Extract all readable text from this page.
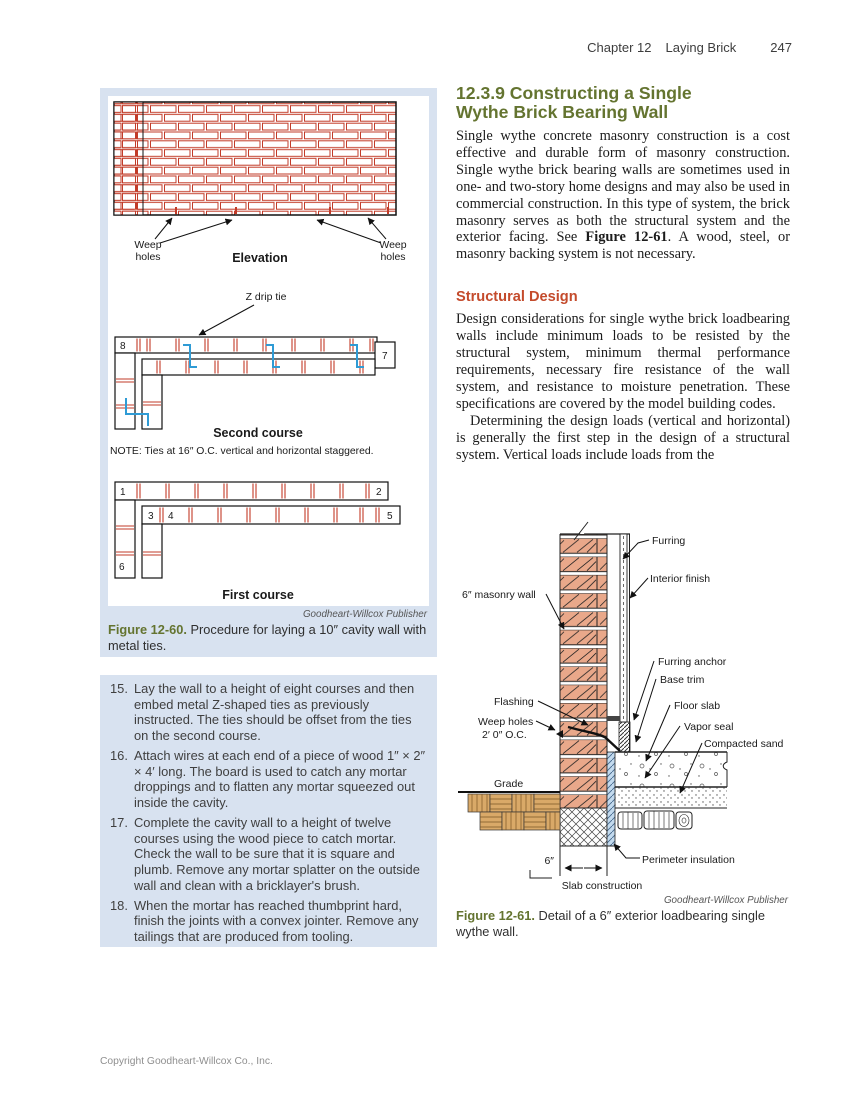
Chapter 12 Laying Brick	247
Weep
holes
Weep
holes
Elevation
Z drip tie
8
7
Second course
NOTE: Ties at 16″ O.C. vertical and horizontal staggered.
1	2
3 4	5
6
First course
Goodheart-Willcox Publisher
Figure 12-60. Procedure for laying a 10″ cavity wall with metal ties.
15. Lay the wall to a height of eight courses and then embed metal Z-shaped ties as previously instructed. The ties should be offset from the ties on the second course.
16. Attach wires at each end of a piece of wood 1″ × 2″ × 4′ long. The board is used to catch any mortar droppings and to flatten any mortar squeezed out inside the cavity.
17. Complete the cavity wall to a height of twelve courses using the wood piece to catch mortar. Check the wall to be sure that it is square and plumb. Remove any mortar splatter on the outside wall and clean with a bricklayer's brush.
18. When the mortar has reached thumbprint hard, finish the joints with a convex jointer. Remove any tailings that are produced from tooling.
12.3.9 Constructing a Single
Wythe Brick Bearing Wall

Single wythe concrete masonry construction is a cost effective and durable form of masonry construction. Single wythe brick bearing walls are sometimes used in one- and two-story home designs and may also be used in commercial construction. In this type of system, the brick masonry serves as both the structural system and the exterior facing. See Figure 12-61. A wood, steel, or masonry backing system is not necessary.

Structural Design

Design considerations for single wythe brick loadbearing walls include minimum loads to be resisted by the structural system, minimum thermal performance requirements, necessary fire resistance of the wall system, and resistance to moisture penetration. These specifications are covered by the model building codes.

Determining the design loads (vertical and horizontal) is generally the first step in the design of a structural system. Vertical loads include loads from the

Furring
Interior finish
6″ masonry wall
Furring anchor
Base trim
Flashing	Floor slab
Weep holes
2′ 0″ O.C.
Vapor seal
Compacted sand
Grade
Perimeter insulation
6″
Slab construction
Goodheart-Willcox Publisher
Figure 12-61. Detail of a 6″ exterior loadbearing single wythe wall.
Copyright Goodheart-Willcox Co., Inc.
